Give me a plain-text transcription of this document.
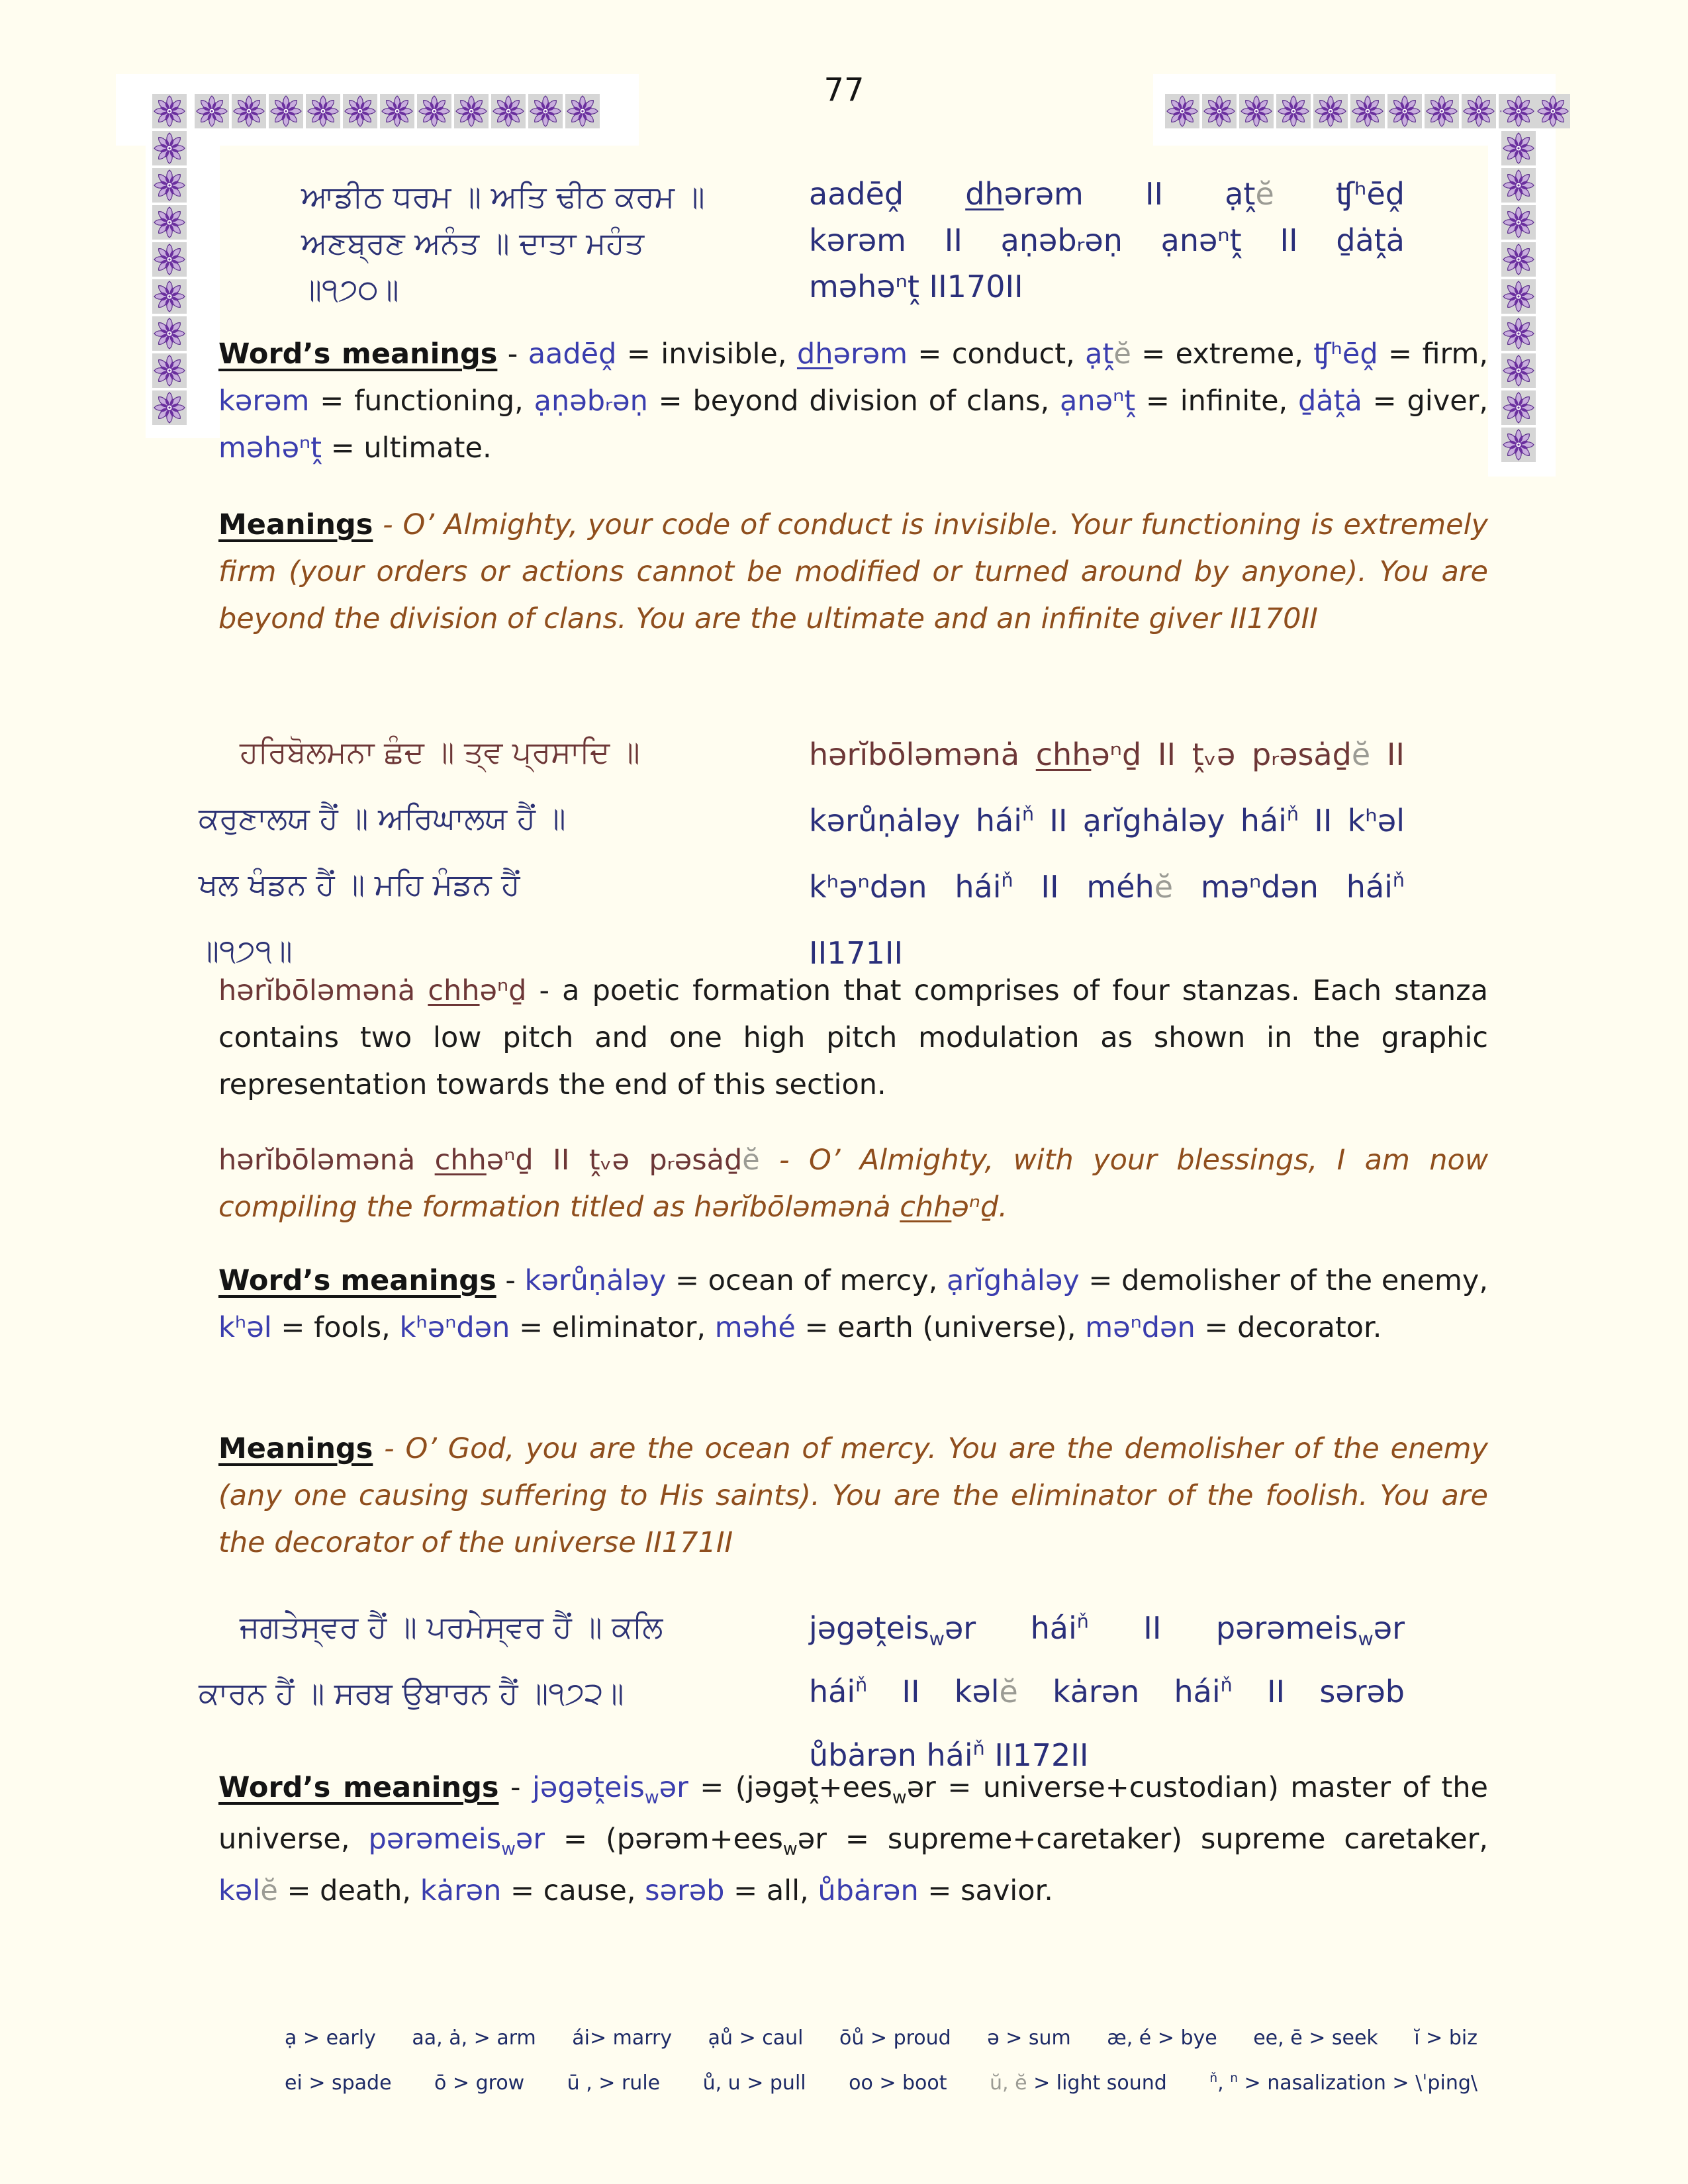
77
ਆਡੀਠ ਧਰਮ ॥ ਅਤਿ ਢੀਠ ਕਰਮ ॥
ਅਣਬ੍ਰਣ ਅਨੰਤ ॥ ਦਾਤਾ ਮਹੰਤ
॥੧੭੦॥
aadēḓ dhərəm II ạṱĕ ʧʰēḓ
kərəm II ạṇəbᵣəṇ ạnəⁿṱ II ḏȧṱȧ
məhəⁿṱ II170II
Word’s meanings - aadēḓ = invisible, dhərəm = conduct, ạṱĕ = extreme, ʧʰēḓ = firm, kərəm = functioning, ạṇəbᵣəṇ = beyond division of clans, ạnəⁿṱ = infinite, ḏȧṱȧ = giver, məhəⁿṱ = ultimate.
Meanings - O’ Almighty, your code of conduct is invisible. Your functioning is extremely firm (your orders or actions cannot be modified or turned around by anyone). You are beyond the division of clans. You are the ultimate and an infinite giver II170II
ਹਰਿਬੋਲਮਨਾ ਛੰਦ ॥ ਤ੍ਵ ਪ੍ਰਸਾਦਿ ॥
ਕਰੁਣਾਲਯ ਹੈਂ ॥ ਅਰਿਘਾਲਯ ਹੈਂ ॥
ਖਲ ਖੰਡਨ ਹੈਂ ॥ ਮਹਿ ਮੰਡਨ ਹੈਂ
॥੧੭੧॥
hərĭbōləmənȧ chhəⁿḏ II ṱᵥə pᵣəsȧḏĕ II
kərůṇȧləy hái$^ň$ II ạrĭghȧləy hái$^ň$ II kʰəl
kʰəⁿdən hái$^ň$ II méhĕ məⁿdən hái$^ň$
II171II
hərĭbōləmənȧ chhəⁿḏ - a poetic formation that comprises of four stanzas. Each stanza contains two low pitch and one high pitch modulation as shown in the graphic representation towards the end of this section.
hərĭbōləmənȧ chhəⁿḏ II ṱᵥə pᵣəsȧḏĕ - O’ Almighty, with your blessings, I am now compiling the formation titled as hərĭbōləmənȧ chhəⁿḏ.
Word’s meanings - kərůṇȧləy = ocean of mercy, ạrĭghȧləy = demolisher of the enemy, kʰəl = fools, kʰəⁿdən = eliminator, məhé = earth (universe), məⁿdən = decorator.
Meanings - O’ God, you are the ocean of mercy. You are the demolisher of the enemy (any one causing suffering to His saints). You are the eliminator of the foolish. You are the decorator of the universe II171II
ਜਗਤੇਸ੍ਵਰ ਹੈਂ ॥ ਪਰਮੇਸ੍ਵਰ ਹੈਂ ॥ ਕਲਿ
ਕਾਰਨ ਹੈਂ ॥ ਸਰਬ ਉਬਾਰਨ ਹੈਂ ॥੧੭੨॥
jəgəṱeis$_w$ər hái$^ň$ II pərəmeis$_w$ər
hái$^ň$ II kəlĕ kȧrən hái$^ň$ II sərəb
ůbȧrən hái$^ň$ II172II
Word’s meanings - jəgəṱeis$_w$ər = (jəgəṱ+ees$_w$ər = universe+custodian) master of the universe, pərəmeis$_w$ər = (pərəm+ees$_w$ər = supreme+caretaker) supreme caretaker, kəlĕ = death, kȧrən = cause, sərəb = all, ůbȧrən = savior.
ạ > early aa, ȧ, > arm ái> marry ạů > caul ōů > proud ə > sum æ, é > bye ee, ē > seek ĭ > biz
ei > spade ō > grow ū , > rule ů, u > pull oo > boot ŭ, ĕ > light sound	$^ň$, $^n$ > nasalization > \ˈping\
